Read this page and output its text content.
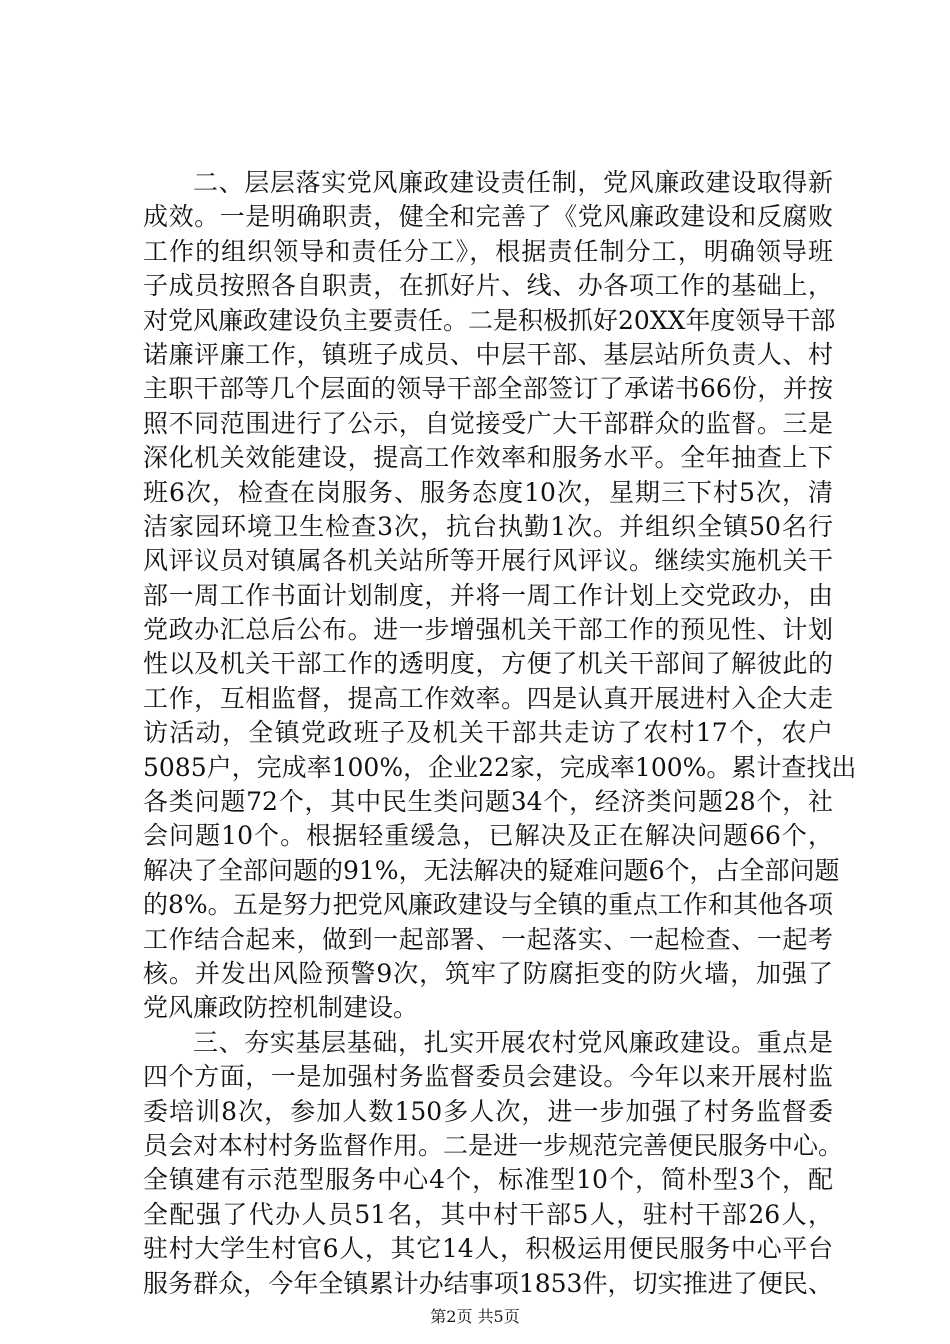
二、层层落实党风廉政建设责任制，党风廉政建设取得新
成效。一是明确职责，健全和完善了《党风廉政建设和反腐败
工作的组织领导和责任分工》，根据责任制分工，明确领导班
子成员按照各自职责，在抓好片、线、办各项工作的基础上，
对党风廉政建设负主要责任。二是积极抓好20XX年度领导干部
诺廉评廉工作，镇班子成员、中层干部、基层站所负责人、村
主职干部等几个层面的领导干部全部签订了承诺书66份，并按
照不同范围进行了公示，自觉接受广大干部群众的监督。三是
深化机关效能建设，提高工作效率和服务水平。全年抽查上下
班6次，检查在岗服务、服务态度10次，星期三下村5次，清
洁家园环境卫生检查3次，抗台执勤1次。并组织全镇50名行
风评议员对镇属各机关站所等开展行风评议。继续实施机关干
部一周工作书面计划制度，并将一周工作计划上交党政办，由
党政办汇总后公布。进一步增强机关干部工作的预见性、计划
性以及机关干部工作的透明度，方便了机关干部间了解彼此的
工作，互相监督，提高工作效率。四是认真开展进村入企大走
访活动，全镇党政班子及机关干部共走访了农村17个，农户
5085户，完成率100%，企业22家，完成率100%。累计查找出
各类问题72个，其中民生类问题34个，经济类问题28个，社
会问题10个。根据轻重缓急，已解决及正在解决问题66个，
解决了全部问题的91%，无法解决的疑难问题6个，占全部问题
的8%。五是努力把党风廉政建设与全镇的重点工作和其他各项
工作结合起来，做到一起部署、一起落实、一起检查、一起考
核。并发出风险预警9次，筑牢了防腐拒变的防火墙，加强了
党风廉政防控机制建设。
三、夯实基层基础，扎实开展农村党风廉政建设。重点是
四个方面，一是加强村务监督委员会建设。今年以来开展村监
委培训8次，参加人数150多人次，进一步加强了村务监督委
员会对本村村务监督作用。二是进一步规范完善便民服务中心。
全镇建有示范型服务中心4个，标准型10个，简朴型3个，配
全配强了代办人员51名，其中村干部5人，驻村干部26人，
驻村大学生村官6人，其它14人，积极运用便民服务中心平台
服务群众，今年全镇累计办结事项1853件，切实推进了便民、
第2页 共5页
